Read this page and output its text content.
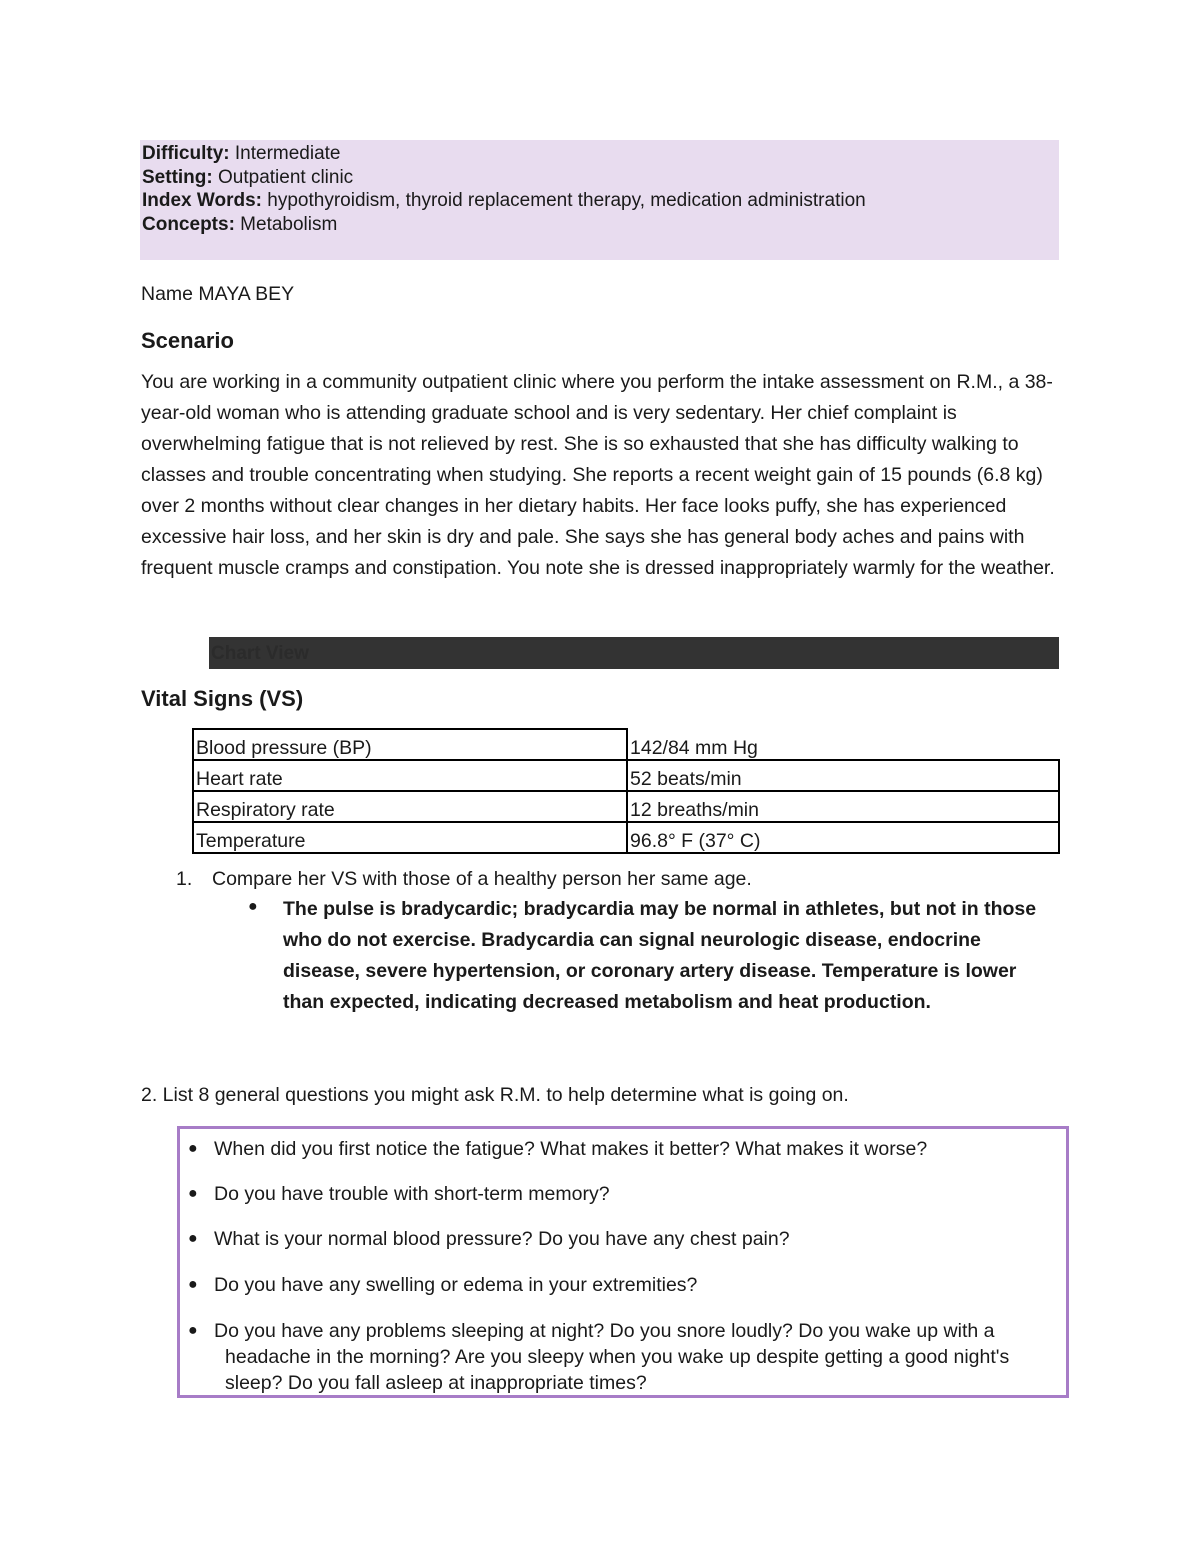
Difficulty: Intermediate
Setting: Outpatient clinic
Index Words: hypothyroidism, thyroid replacement therapy, medication administration
Concepts: Metabolism
Name MAYA BEY
Scenario

You are working in a community outpatient clinic where you perform the intake assessment on R.M., a 38-year-old woman who is attending graduate school and is very sedentary. Her chief complaint is overwhelming fatigue that is not relieved by rest. She is so exhausted that she has difficulty walking to classes and trouble concentrating when studying. She reports a recent weight gain of 15 pounds (6.8 kg) over 2 months without clear changes in her dietary habits. Her face looks puffy, she has experienced excessive hair loss, and her skin is dry and pale. She says she has general body aches and pains with frequent muscle cramps and constipation. You note she is dressed inappropriately warmly for the weather.

Chart View
Vital Signs (VS)
Blood pressure (BP)	142/84 mm Hg
Heart rate	52 beats/min
Respiratory rate	12 breaths/min
Temperature	96.8° F (37° C)
1. Compare her VS with those of a healthy person her same age.
● The pulse is bradycardic; bradycardia may be normal in athletes, but not in those who do not exercise. Bradycardia can signal neurologic disease, endocrine disease, severe hypertension, or coronary artery disease. Temperature is lower than expected, indicating decreased metabolism and heat production.

2. List 8 general questions you might ask R.M. to help determine what is going on.
● When did you first notice the fatigue? What makes it better? What makes it worse?
● Do you have trouble with short-term memory?
● What is your normal blood pressure? Do you have any chest pain?
● Do you have any swelling or edema in your extremities?
● Do you have any problems sleeping at night? Do you snore loudly? Do you wake up with a headache in the morning? Are you sleepy when you wake up despite getting a good night's sleep? Do you fall asleep at inappropriate times?
